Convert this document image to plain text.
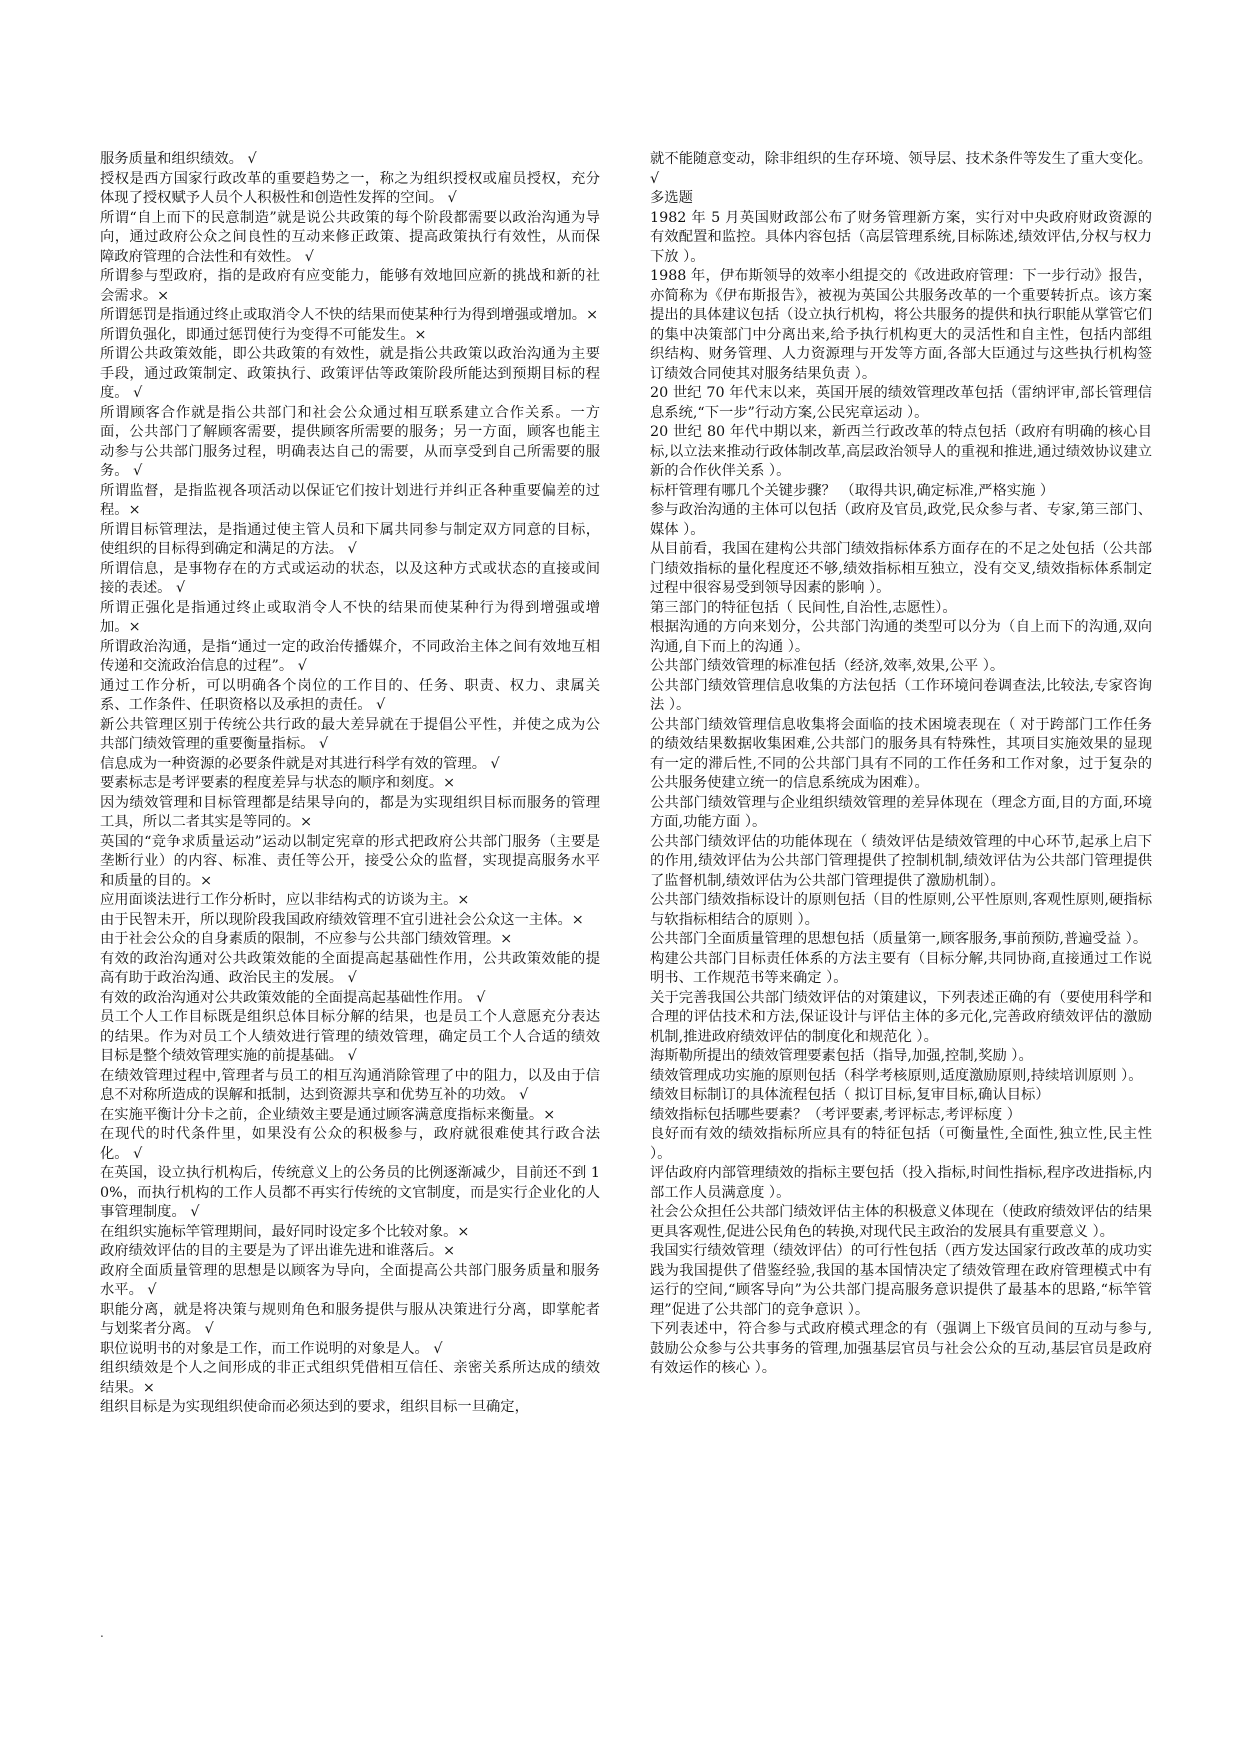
服务质量和组织绩效。 √

授权是西方国家行政改革的重要趋势之一，称之为组织授权或雇员授权，充分体现了授权赋予人员个人积极性和创造性发挥的空间。 √

所谓“自上而下的民意制造”就是说公共政策的每个阶段都需要以政治沟通为导向，通过政府公众之间良性的互动来修正政策、提高政策执行有效性，从而保障政府管理的合法性和有效性。 √

所谓参与型政府，指的是政府有应变能力，能够有效地回应新的挑战和新的社会需求。×

所谓惩罚是指通过终止或取消令人不快的结果而使某种行为得到增强或增加。×

所谓负强化，即通过惩罚使行为变得不可能发生。×

所谓公共政策效能，即公共政策的有效性，就是指公共政策以政治沟通为主要手段，通过政策制定、政策执行、政策评估等政策阶段所能达到预期目标的程度。 √

所谓顾客合作就是指公共部门和社会公众通过相互联系建立合作关系。一方面，公共部门了解顾客需要，提供顾客所需要的服务；另一方面，顾客也能主动参与公共部门服务过程，明确表达自己的需要，从而享受到自己所需要的服务。 √

所谓监督，是指监视各项活动以保证它们按计划进行并纠正各种重要偏差的过程。×

所谓目标管理法，是指通过使主管人员和下属共同参与制定双方同意的目标，使组织的目标得到确定和满足的方法。 √

所谓信息，是事物存在的方式或运动的状态，以及这种方式或状态的直接或间接的表述。 √

所谓正强化是指通过终止或取消令人不快的结果而使某种行为得到增强或增加。×

所谓政治沟通，是指“通过一定的政治传播媒介，不同政治主体之间有效地互相传递和交流政治信息的过程”。 √

通过工作分析，可以明确各个岗位的工作目的、任务、职责、权力、隶属关系、工作条件、任职资格以及承担的责任。 √

新公共管理区别于传统公共行政的最大差异就在于提倡公平性，并使之成为公共部门绩效管理的重要衡量指标。 √

信息成为一种资源的必要条件就是对其进行科学有效的管理。 √

要素标志是考评要素的程度差异与状态的顺序和刻度。×

因为绩效管理和目标管理都是结果导向的，都是为实现组织目标而服务的管理工具，所以二者其实是等同的。×

英国的“竞争求质量运动”运动以制定宪章的形式把政府公共部门服务（主要是垄断行业）的内容、标准、责任等公开，接受公众的监督，实现提高服务水平和质量的目的。×

应用面谈法进行工作分析时，应以非结构式的访谈为主。×

由于民智未开，所以现阶段我国政府绩效管理不宜引进社会公众这一主体。×

由于社会公众的自身素质的限制，不应参与公共部门绩效管理。×

有效的政治沟通对公共政策效能的全面提高起基础性作用，公共政策效能的提高有助于政治沟通、政治民主的发展。 √

有效的政治沟通对公共政策效能的全面提高起基础性作用。 √

员工个人工作目标既是组织总体目标分解的结果，也是员工个人意愿充分表达的结果。作为对员工个人绩效进行管理的绩效管理，确定员工个人合适的绩效目标是整个绩效管理实施的前提基础。 √

在绩效管理过程中,管理者与员工的相互沟通消除管理了中的阻力，以及由于信息不对称所造成的误解和抵制，达到资源共享和优势互补的功效。 √

在实施平衡计分卡之前，企业绩效主要是通过顾客满意度指标来衡量。×

在现代的时代条件里，如果没有公众的积极参与，政府就很难使其行政合法化。 √

在英国，设立执行机构后，传统意义上的公务员的比例逐渐减少，目前还不到 10%，而执行机构的工作人员都不再实行传统的文官制度，而是实行企业化的人事管理制度。 √

在组织实施标竿管理期间，最好同时设定多个比较对象。×

政府绩效评估的目的主要是为了评出谁先进和谁落后。×

政府全面质量管理的思想是以顾客为导向，全面提高公共部门服务质量和服务水平。 √

职能分离，就是将决策与规则角色和服务提供与服从决策进行分离，即掌舵者与划桨者分离。 √

职位说明书的对象是工作，而工作说明的对象是人。 √

组织绩效是个人之间形成的非正式组织凭借相互信任、亲密关系所达成的绩效结果。×

组织目标是为实现组织使命而必须达到的要求，组织目标一旦确定，

就不能随意变动，除非组织的生存环境、领导层、技术条件等发生了重大变化。 √

多选题

1982 年 5 月英国财政部公布了财务管理新方案，实行对中央政府财政资源的有效配置和监控。具体内容包括（高层管理系统,目标陈述,绩效评估,分权与权力下放 ）。

1988 年，伊布斯领导的效率小组提交的《改进政府管理：下一步行动》报告，亦简称为《伊布斯报告》，被视为英国公共服务改革的一个重要转折点。该方案提出的具体建议包括（设立执行机构，将公共服务的提供和执行职能从掌管它们的集中决策部门中分离出来,给予执行机构更大的灵活性和自主性，包括内部组织结构、财务管理、人力资源理与开发等方面,各部大臣通过与这些执行机构签订绩效合同使其对服务结果负责 ）。

20 世纪 70 年代末以来，英国开展的绩效管理改革包括（雷纳评审,部长管理信息系统,“下一步”行动方案,公民宪章运动 ）。

20 世纪 80 年代中期以来，新西兰行政改革的特点包括（政府有明确的核心目标,以立法来推动行政体制改革,高层政治领导人的重视和推进,通过绩效协议建立新的合作伙伴关系 ）。

标杆管理有哪几个关键步骤？ （取得共识,确定标准,严格实施 ）

参与政治沟通的主体可以包括（政府及官员,政党,民众参与者、专家,第三部门、媒体 ）。

从目前看，我国在建构公共部门绩效指标体系方面存在的不足之处包括（公共部门绩效指标的量化程度还不够,绩效指标相互独立，没有交叉,绩效指标体系制定过程中很容易受到领导因素的影响 ）。

第三部门的特征包括（ 民间性,自治性,志愿性）。

根据沟通的方向来划分，公共部门沟通的类型可以分为（自上而下的沟通,双向沟通,自下而上的沟通 ）。

公共部门绩效管理的标准包括（经济,效率,效果,公平 ）。

公共部门绩效管理信息收集的方法包括（工作环境问卷调查法,比较法,专家咨询法 ）。

公共部门绩效管理信息收集将会面临的技术困境表现在（ 对于跨部门工作任务的绩效结果数据收集困难,公共部门的服务具有特殊性，其项目实施效果的显现有一定的滞后性,不同的公共部门具有不同的工作任务和工作对象，过于复杂的公共服务使建立统一的信息系统成为困难）。

公共部门绩效管理与企业组织绩效管理的差异体现在（理念方面,目的方面,环境方面,功能方面 ）。

公共部门绩效评估的功能体现在（ 绩效评估是绩效管理的中心环节,起承上启下的作用,绩效评估为公共部门管理提供了控制机制,绩效评估为公共部门管理提供了监督机制,绩效评估为公共部门管理提供了激励机制）。

公共部门绩效指标设计的原则包括（目的性原则,公平性原则,客观性原则,硬指标与软指标相结合的原则 ）。

公共部门全面质量管理的思想包括（质量第一,顾客服务,事前预防,普遍受益 ）。

构建公共部门目标责任体系的方法主要有（目标分解,共同协商,直接通过工作说明书、工作规范书等来确定 ）。

关于完善我国公共部门绩效评估的对策建议，下列表述正确的有（要使用科学和合理的评估技术和方法,保证设计与评估主体的多元化,完善政府绩效评估的激励机制,推进政府绩效评估的制度化和规范化 ）。

海斯勒所提出的绩效管理要素包括（指导,加强,控制,奖励 ）。

绩效管理成功实施的原则包括（科学考核原则,适度激励原则,持续培训原则 ）。

绩效目标制订的具体流程包括（ 拟订目标,复审目标,确认目标）

绩效指标包括哪些要素？（考评要素,考评标志,考评标度 ）

良好而有效的绩效指标所应具有的特征包括（可衡量性,全面性,独立性,民主性 ）。

评估政府内部管理绩效的指标主要包括（投入指标,时间性指标,程序改进指标,内部工作人员满意度 ）。

社会公众担任公共部门绩效评估主体的积极意义体现在（使政府绩效评估的结果更具客观性,促进公民角色的转换,对现代民主政治的发展具有重要意义 ）。

我国实行绩效管理（绩效评估）的可行性包括（西方发达国家行政改革的成功实践为我国提供了借鉴经验,我国的基本国情决定了绩效管理在政府管理模式中有运行的空间,“顾客导向”为公共部门提高服务意识提供了最基本的思路,“标竿管理”促进了公共部门的竞争意识 ）。

下列表述中，符合参与式政府模式理念的有（强调上下级官员间的互动与参与,鼓励公众参与公共事务的管理,加强基层官员与社会公众的互动,基层官员是政府有效运作的核心 ）。

.
